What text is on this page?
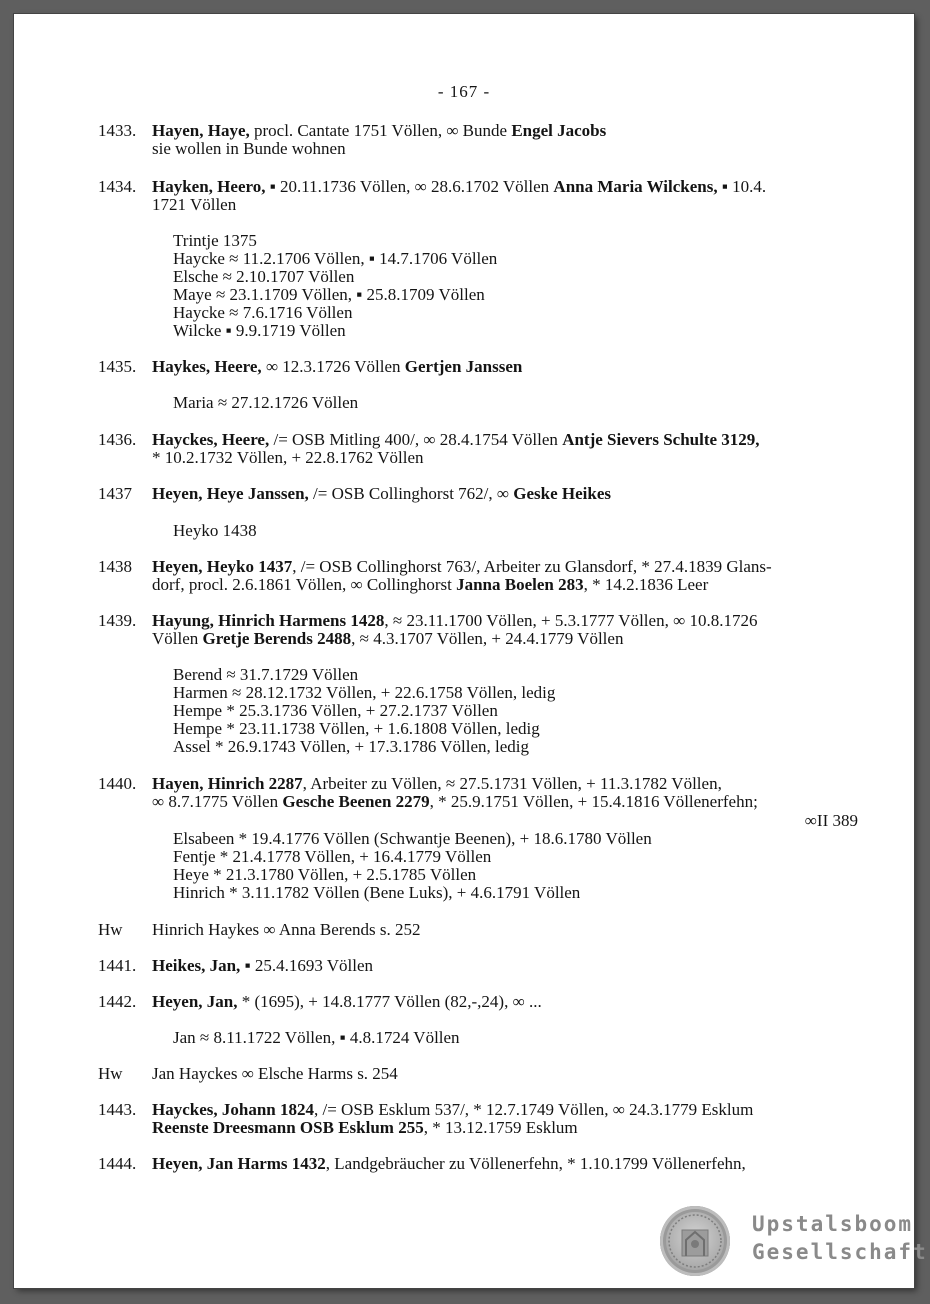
- 167 -
1433. Hayen, Haye, procl. Cantate 1751 Völlen, ∞ Bunde Engel Jacobs
sie wollen in Bunde wohnen
1434. Hayken, Heero, ▪ 20.11.1736 Völlen, ∞ 28.6.1702 Völlen Anna Maria Wilckens, ▪ 10.4.
1721 Völlen
Trintje 1375
Haycke ≈ 11.2.1706 Völlen, ▪ 14.7.1706 Völlen
Elsche ≈ 2.10.1707 Völlen
Maye ≈ 23.1.1709 Völlen, ▪ 25.8.1709 Völlen
Haycke ≈ 7.6.1716 Völlen
Wilcke ▪ 9.9.1719 Völlen
1435. Haykes, Heere, ∞ 12.3.1726 Völlen Gertjen Janssen
Maria ≈ 27.12.1726 Völlen
1436. Hayckes, Heere, /= OSB Mitling 400/, ∞ 28.4.1754 Völlen Antje Sievers Schulte 3129,
* 10.2.1732 Völlen, + 22.8.1762 Völlen
1437 Heyen, Heye Janssen, /= OSB Collinghorst 762/, ∞ Geske Heikes
Heyko 1438
1438 Heyen, Heyko 1437, /= OSB Collinghorst 763/, Arbeiter zu Glansdorf, * 27.4.1839 Glans-
dorf, procl. 2.6.1861 Völlen, ∞ Collinghorst Janna Boelen 283, * 14.2.1836 Leer
1439. Hayung, Hinrich Harmens 1428, ≈ 23.11.1700 Völlen, + 5.3.1777 Völlen, ∞ 10.8.1726
Völlen Gretje Berends 2488, ≈ 4.3.1707 Völlen, + 24.4.1779 Völlen
Berend ≈ 31.7.1729 Völlen
Harmen ≈ 28.12.1732 Völlen, + 22.6.1758 Völlen, ledig
Hempe * 25.3.1736 Völlen, + 27.2.1737 Völlen
Hempe * 23.11.1738 Völlen, + 1.6.1808 Völlen, ledig
Assel * 26.9.1743 Völlen, + 17.3.1786 Völlen, ledig
1440. Hayen, Hinrich 2287, Arbeiter zu Völlen, ≈ 27.5.1731 Völlen, + 11.3.1782 Völlen,
∞ 8.7.1775 Völlen Gesche Beenen 2279, * 25.9.1751 Völlen, + 15.4.1816 Völlenerfehn;
∞II 389
Elsabeen * 19.4.1776 Völlen (Schwantje Beenen), + 18.6.1780 Völlen
Fentje * 21.4.1778 Völlen, + 16.4.1779 Völlen
Heye * 21.3.1780 Völlen, + 2.5.1785 Völlen
Hinrich * 3.11.1782 Völlen (Bene Luks), + 4.6.1791 Völlen
Hw Hinrich Haykes ∞ Anna Berends s. 252
1441. Heikes, Jan, ▪ 25.4.1693 Völlen
1442. Heyen, Jan, * (1695), + 14.8.1777 Völlen (82,-,24), ∞ ...
Jan ≈ 8.11.1722 Völlen, ▪ 4.8.1724 Völlen
Hw Jan Hayckes ∞ Elsche Harms s. 254
1443. Hayckes, Johann 1824, /= OSB Esklum 537/, * 12.7.1749 Völlen, ∞ 24.3.1779 Esklum
Reenste Dreesmann OSB Esklum 255, * 13.12.1759 Esklum
1444. Heyen, Jan Harms 1432, Landgebräucher zu Völlenerfehn, * 1.10.1799 Völlenerfehn,
Upstalsboom
Gesellschaft
